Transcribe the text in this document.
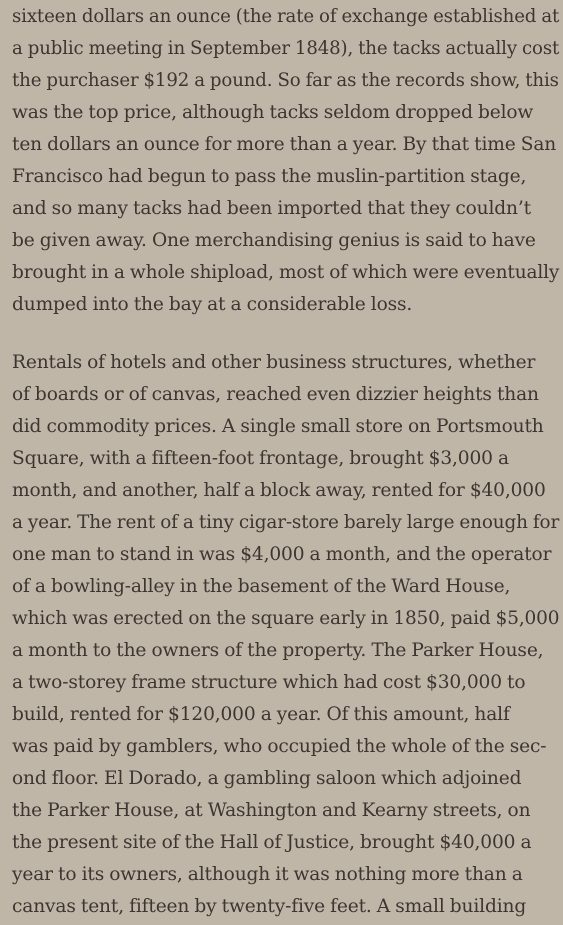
sixteen dollars an ounce (the rate of exchange established at
a public meeting in September 1848), the tacks actually cost
the purchaser $192 a pound. So far as the records show, this
was the top price, although tacks seldom dropped below
ten dollars an ounce for more than a year. By that time San
Francisco had begun to pass the muslin-partition stage,
and so many tacks had been imported that they couldn’t
be given away. One merchandising genius is said to have
brought in a whole shipload, most of which were eventually
dumped into the bay at a considerable loss.
Rentals of hotels and other business structures, whether
of boards or of canvas, reached even dizzier heights than
did commodity prices. A single small store on Portsmouth
Square, with a fifteen-foot frontage, brought $3,000 a
month, and another, half a block away, rented for $40,000
a year. The rent of a tiny cigar-store barely large enough for
one man to stand in was $4,000 a month, and the operator
of a bowling-alley in the basement of the Ward House,
which was erected on the square early in 1850, paid $5,000
a month to the owners of the property. The Parker House,
a two-storey frame structure which had cost $30,000 to
build, rented for $120,000 a year. Of this amount, half
was paid by gamblers, who occupied the whole of the sec-
ond floor. El Dorado, a gambling saloon which adjoined
the Parker House, at Washington and Kearny streets, on
the present site of the Hall of Justice, brought $40,000 a
year to its owners, although it was nothing more than a
canvas tent, fifteen by twenty-five feet. A small building
